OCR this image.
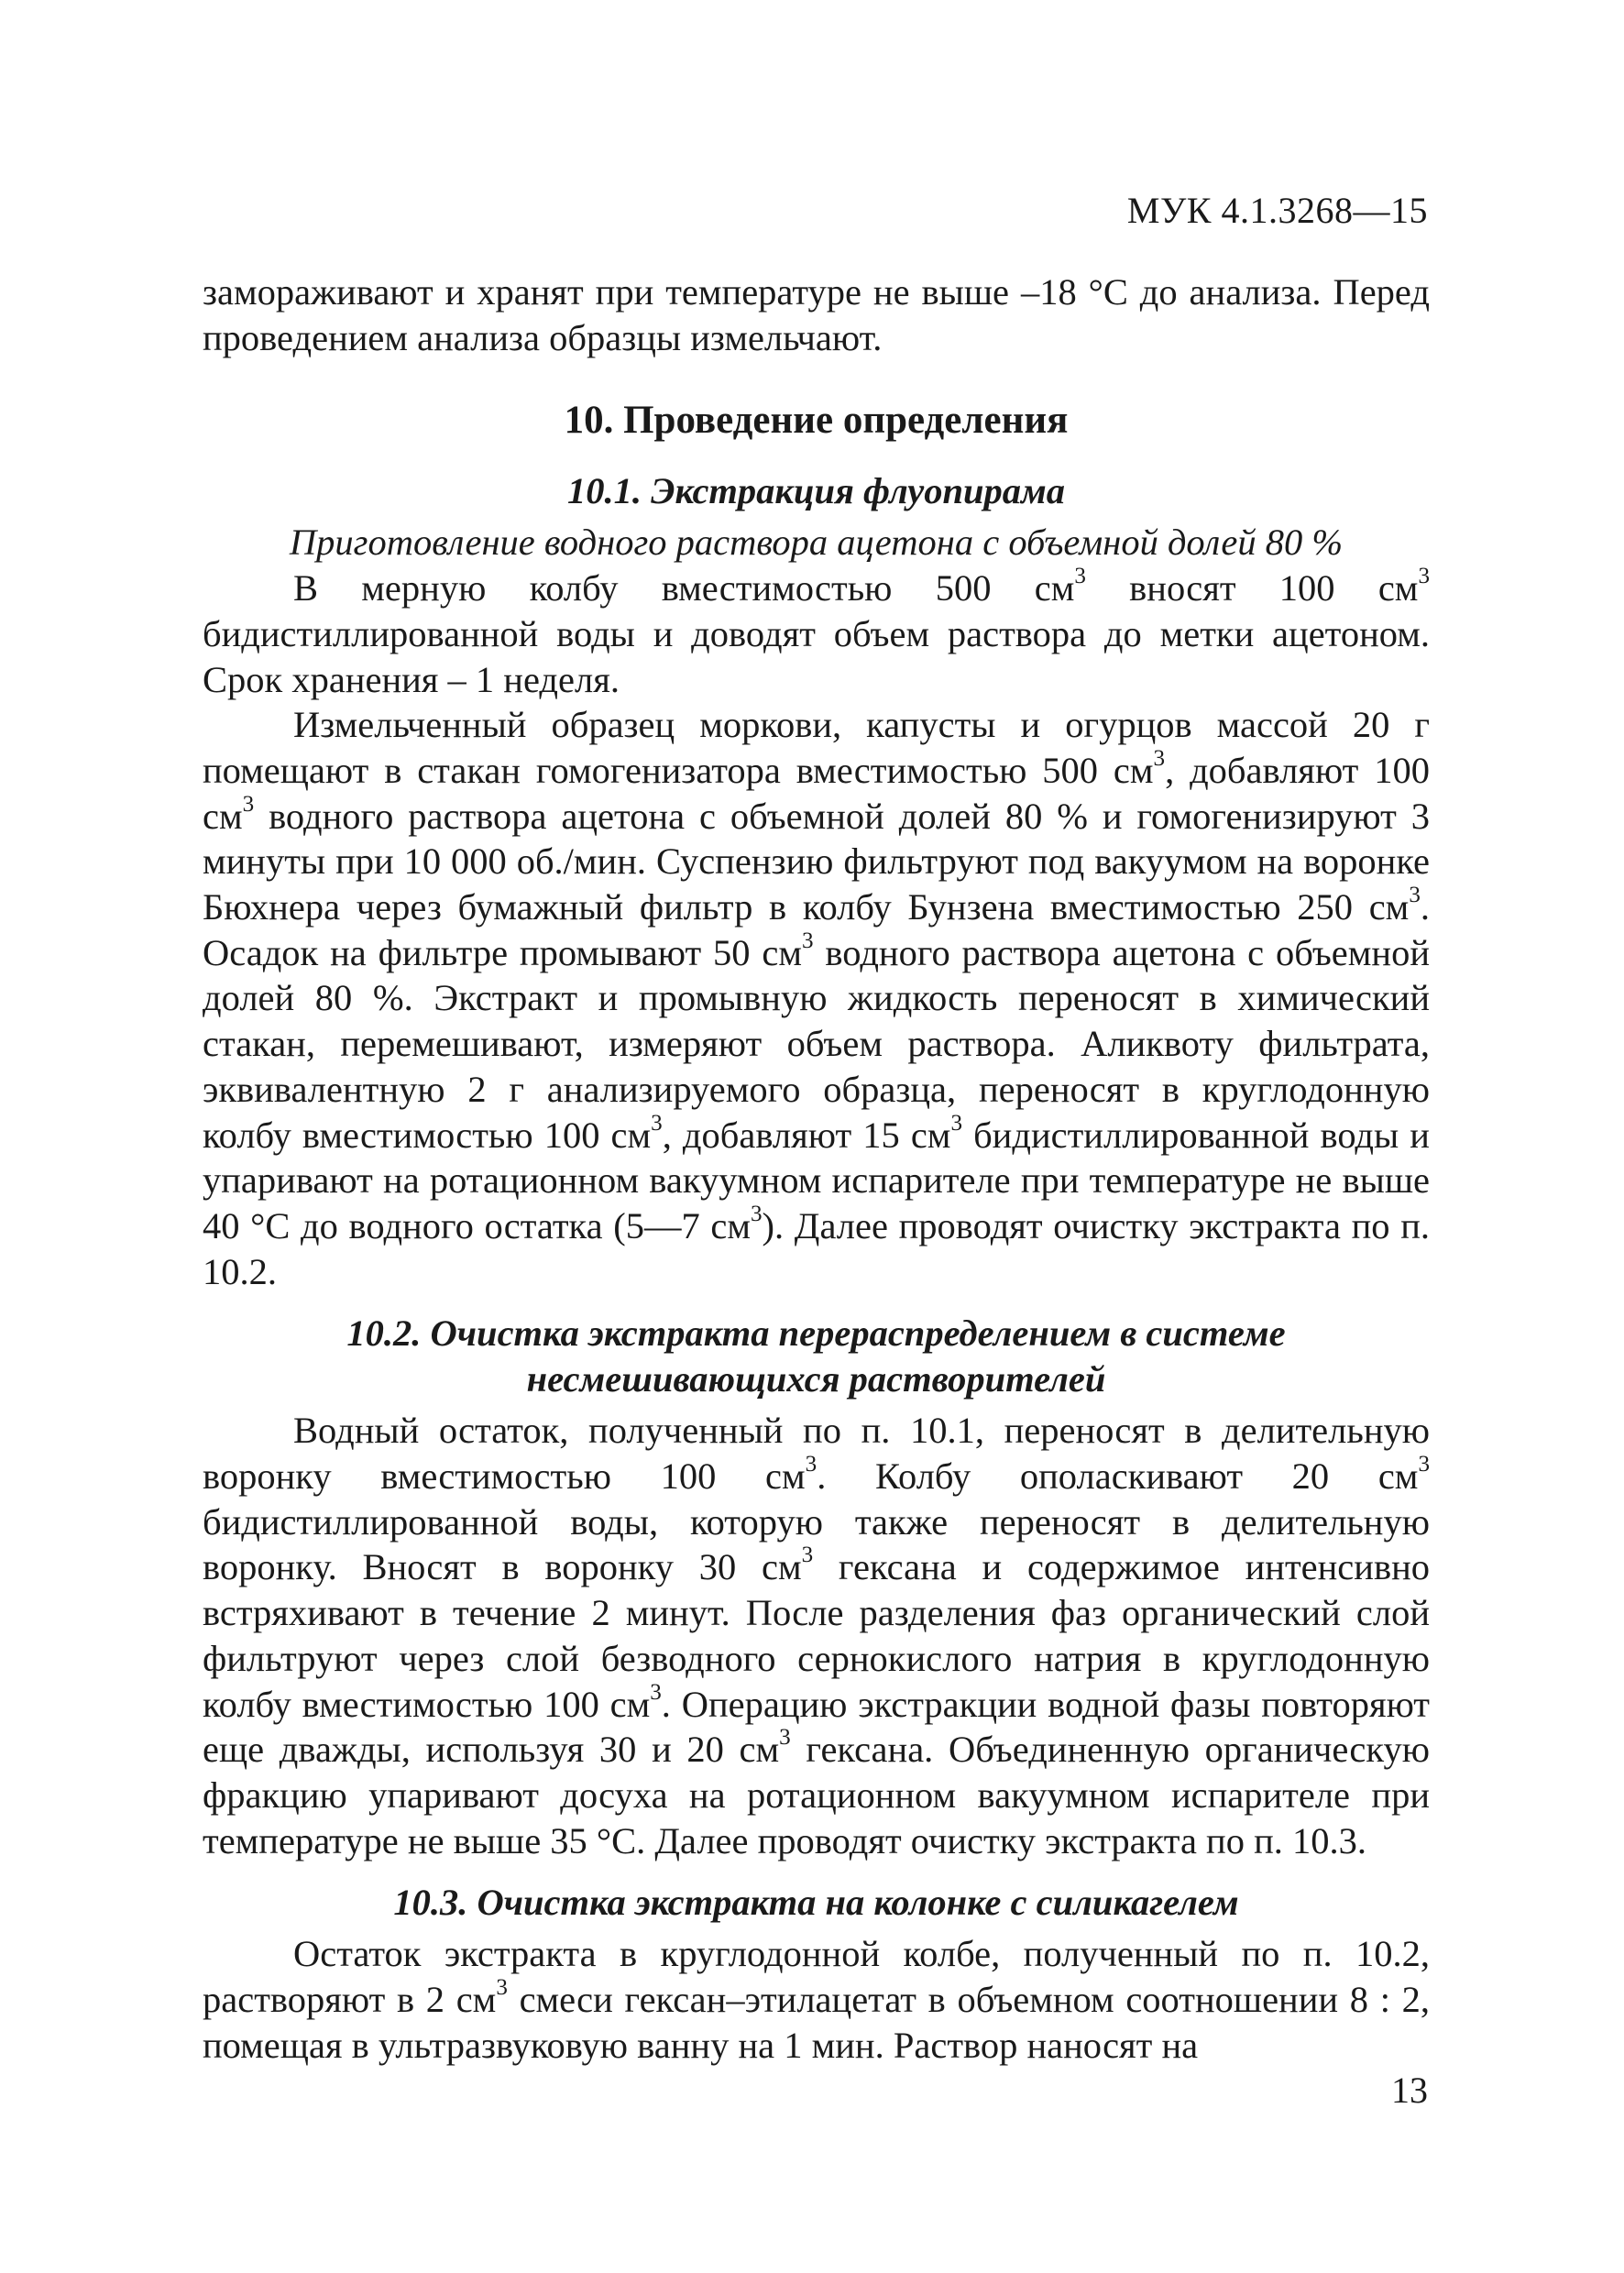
МУК 4.1.3268—15

замораживают и хранят при температуре не выше –18 °С до анализа. Перед проведением анализа образцы измельчают.

10. Проведение определения
10.1. Экстракция флуопирама
Приготовление водного раствора ацетона с объемной долей 80 %

В мерную колбу вместимостью 500 $см^3$ вносят 100 $см^3$ бидистиллированной воды и доводят объем раствора до метки ацетоном. Срок хранения – 1 неделя.

Измельченный образец моркови, капусты и огурцов массой 20 г помещают в стакан гомогенизатора вместимостью 500 $см^3$, добавляют 100 $см^3$ водного раствора ацетона с объемной долей 80 % и гомогенизируют 3 минуты при 10 000 об./мин. Суспензию фильтруют под вакуумом на воронке Бюхнера через бумажный фильтр в колбу Бунзена вместимостью 250 $см^3$. Осадок на фильтре промывают 50 $см^3$ водного раствора ацетона с объемной долей 80 %. Экстракт и промывную жидкость переносят в химический стакан, перемешивают, измеряют объем раствора. Аликвоту фильтрата, эквивалентную 2 г анализируемого образца, переносят в круглодонную колбу вместимостью 100 $см^3$, добавляют 15 $см^3$ бидистиллированной воды и упаривают на ротационном вакуумном испарителе при температуре не выше 40 °С до водного остатка (5—7 $см^3$). Далее проводят очистку экстракта по п. 10.2.

10.2. Очистка экстракта перераспределением в системе
несмешивающихся растворителей

Водный остаток, полученный по п. 10.1, переносят в делительную воронку вместимостью 100 $см^3$. Колбу ополаскивают 20 $см^3$ бидистиллированной воды, которую также переносят в делительную воронку. Вносят в воронку 30 $см^3$ гексана и содержимое интенсивно встряхивают в течение 2 минут. После разделения фаз органический слой фильтруют через слой безводного сернокислого натрия в круглодонную колбу вместимостью 100 $см^3$. Операцию экстракции водной фазы повторяют еще дважды, используя 30 и 20 $см^3$ гексана. Объединенную органическую фракцию упаривают досуха на ротационном вакуумном испарителе при температуре не выше 35 °С. Далее проводят очистку экстракта по п. 10.3.

10.3. Очистка экстракта на колонке с силикагелем

Остаток экстракта в круглодонной колбе, полученный по п. 10.2, растворяют в 2 $см^3$ смеси гексан–этилацетат в объемном соотношении 8 : 2, помещая в ультразвуковую ванну на 1 мин. Раствор наносят на

13
